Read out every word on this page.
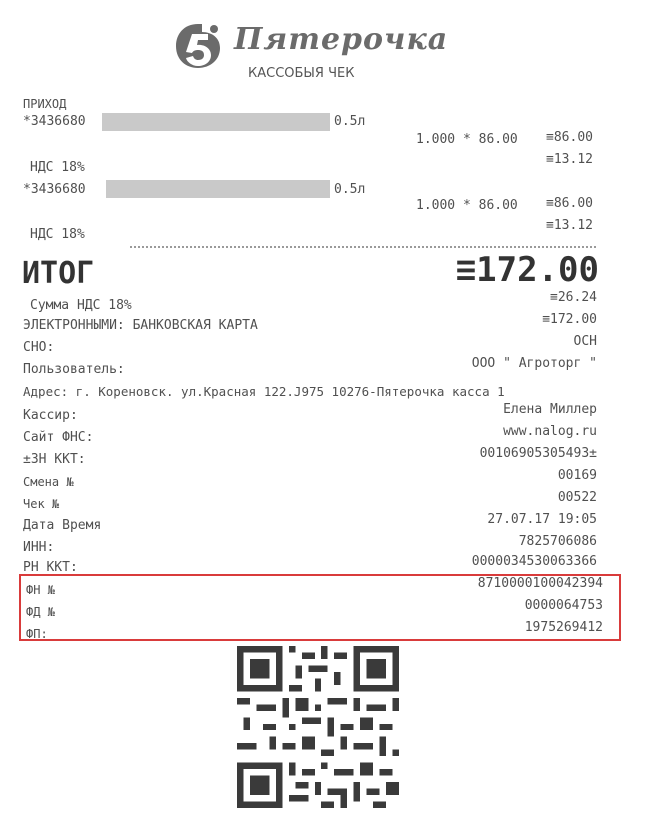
Пятерочка
КАССОБЫЯ ЧЕК
ПРИХОД
*3436680	0.5л
1.000 * 86.00 ≡86.00
≡13.12
НДС 18%
*3436680	0.5л
1.000 * 86.00 ≡86.00
≡13.12
НДС 18%
ИТОГ	≡172.00
Сумма НДС 18%
≡26.24
ЭЛЕКТРОННЫМИ: БАНКОВСКАЯ КАРТА	≡172.00
СНО:	ОСН
Пользователь:	ООО " Агроторг "
Адрес: г. Кореновск. ул.Красная 122.J975 10276-Пятерочка касса 1
Кассир:	Елена Миллер
Сайт ФНС:	www.nalog.ru
±ЗН ККТ:	00106905305493±
Смена №	00169
Чек №	00522
Дата Время	27.07.17 19:05
ИНН:	7825706086
РН ККТ:	0000034530063366
ФН №	8710000100042394
ФД №	0000064753
ФП:	1975269412
